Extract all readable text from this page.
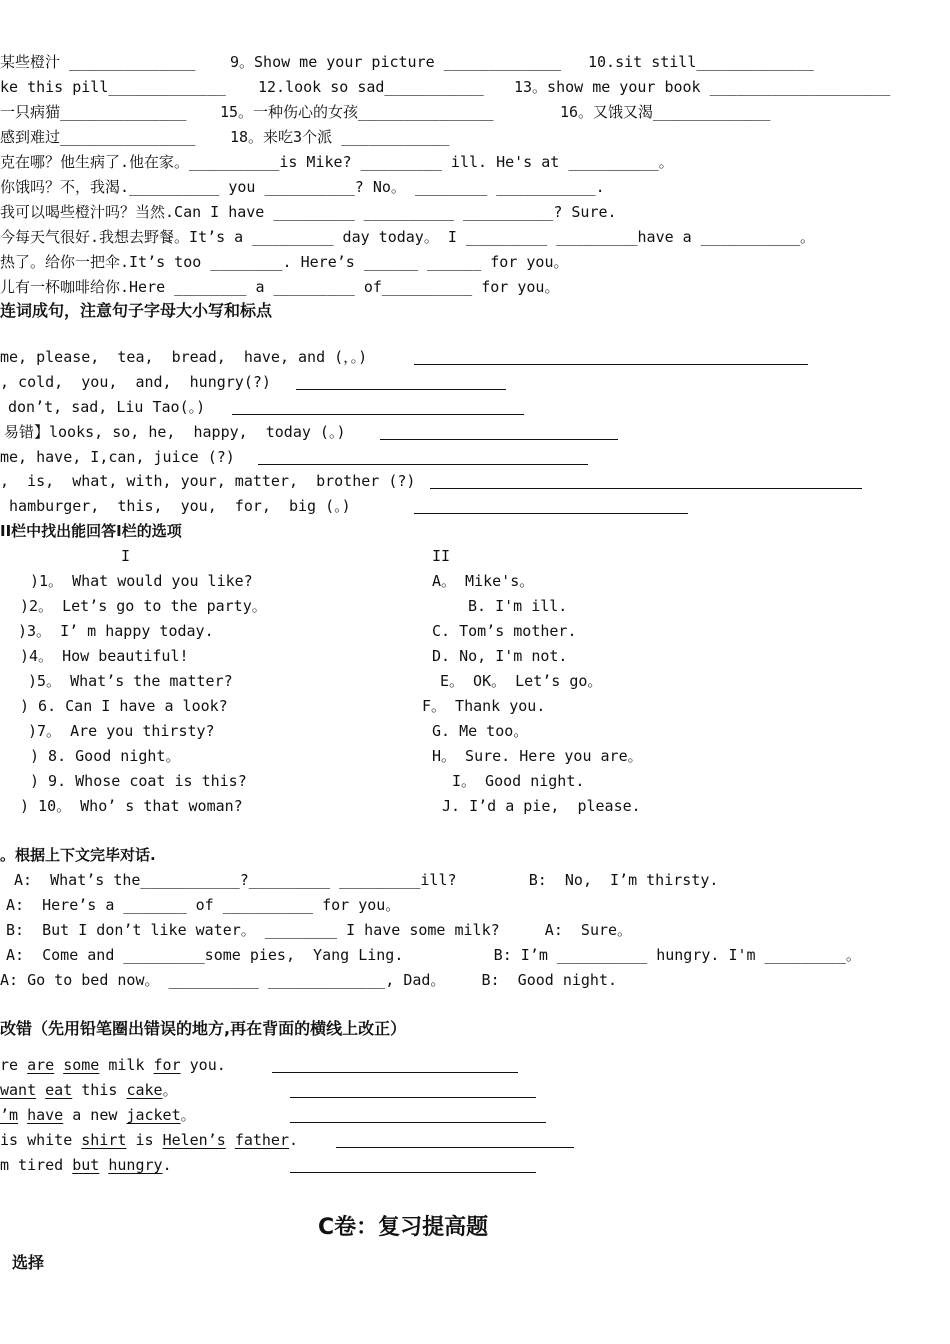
某些橙汁 ______________ 9。Show me your picture _____________ 10.sit still_____________
ke this pill_____________ 12.look so sad___________ 13。show me your book ____________________
一只病猫______________ 15。一种伤心的女孩_______________	16。又饿又渴_____________
感到难过_______________ 18。来吃3个派 ____________
克在哪？他生病了.他在家。__________is Mike? _________ ill. He's at __________。
你饿吗？不，我渴.__________ you __________? No。 ________ ___________.
我可以喝些橙汁吗？当然.Can I have _________ __________ __________? Sure.
今每天气很好.我想去野餐。It’s a _________ day today。 I _________ _________have a ___________。
热了。给你一把伞.It’s too ________. Here’s ______ ______ for you。
儿有一杯咖啡给你.Here ________ a _________ of__________ for you。
连词成句，注意句子字母大小写和标点
me, please,  tea,  bread,  have, and (，。)
, cold,  you,  and,  hungry(?)
don’t, sad, Liu Tao(。)
易错】looks, so, he,  happy,  today (。)
me, have, I,can, juice (?)
,  is,  what, with, your, matter,  brother (?)
hamburger,  this,  you,  for,  big (。)
II栏中找出能回答I栏的选项
I	II
)1。 What would you like?
)2。 Let’s go to the party。
)3。 I’ m happy today.
)4。 How beautiful!
)5。 What’s the matter?
) 6. Can I have a look?
)7。 Are you thirsty?
) 8. Good night。
) 9. Whose coat is this?
) 10。 Who’ s that woman?
A。 Mike's。
B. I'm ill.
C. Tom’s mother.
D. No, I'm not.
E。 OK。 Let’s go。
F。 Thank you.
G. Me too。
H。 Sure. Here you are。
I。 Good night.
J. I’d a pie,  please.
。根据上下文完毕对话.
A:  What’s the___________?_________ _________ill?        B:  No,  I’m thirsty.
A:  Here’s a _______ of __________ for you。
B:  But I don’t like water。 ________ I have some milk?     A:  Sure。
A:  Come and _________some pies,  Yang Ling.          B: I’m __________ hungry. I'm _________。
A: Go to bed now。 __________ _____________, Dad。    B:  Good night.
改错（先用铅笔圈出错误的地方,再在背面的横线上改正）
re are some milk for you.
want eat this cake。
’m have a new jacket。
is white shirt is Helen’s father.
m tired but hungry.
C卷：复习提高题
选择
